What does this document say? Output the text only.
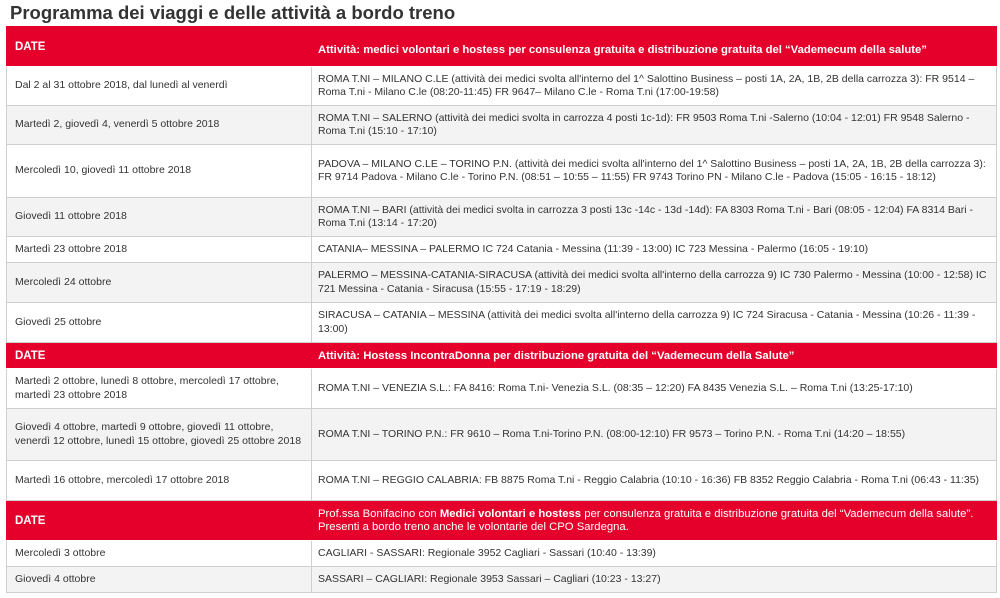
Programma dei viaggi e delle attività a bordo treno
DATE	Attività: medici volontari e hostess per consulenza gratuita e distribuzione gratuita del “Vademecum della salute”
Dal 2 al 31 ottobre 2018, dal lunedì al venerdì	ROMA T.NI – MILANO C.LE (attività dei medici svolta all'interno del 1^ Salottino Business – posti 1A, 2A, 1B, 2B della carrozza 3): FR 9514 – Roma T.ni - Milano C.le (08:20-11:45) FR 9647– Milano C.le - Roma T.ni (17:00-19:58)
Martedì 2, giovedì 4, venerdì 5 ottobre 2018	ROMA T.NI – SALERNO (attività dei medici svolta in carrozza 4 posti 1c-1d): FR 9503 Roma T.ni -Salerno (10:04 - 12:01) FR 9548 Salerno - Roma T.ni (15:10 - 17:10)
Mercoledì 10, giovedì 11 ottobre 2018	PADOVA – MILANO C.LE – TORINO P.N. (attività dei medici svolta all'interno del 1^ Salottino Business – posti 1A, 2A, 1B, 2B della carrozza 3): FR 9714 Padova - Milano C.le - Torino P.N. (08:51 – 10:55 – 11:55) FR 9743 Torino PN - Milano C.le - Padova (15:05 - 16:15 - 18:12)
Giovedì 11 ottobre 2018	ROMA T.NI – BARI (attività dei medici svolta in carrozza 3 posti 13c -14c - 13d -14d): FA 8303 Roma T.ni - Bari (08:05 - 12:04) FA 8314 Bari - Roma T.ni (13:14 - 17:20)
Martedì 23 ottobre 2018	CATANIA– MESSINA – PALERMO IC 724 Catania - Messina (11:39 - 13:00) IC 723 Messina - Palermo (16:05 - 19:10)
Mercoledì 24 ottobre	PALERMO – MESSINA-CATANIA-SIRACUSA (attività dei medici svolta all'interno della carrozza 9) IC 730 Palermo - Messina (10:00 - 12:58) IC 721 Messina - Catania - Siracusa (15:55 - 17:19 - 18:29)
Giovedì 25 ottobre	SIRACUSA – CATANIA – MESSINA (attività dei medici svolta all'interno della carrozza 9) IC 724 Siracusa - Catania - Messina (10:26 - 11:39 - 13:00)
DATE	Attività: Hostess IncontraDonna per distribuzione gratuita del “Vademecum della Salute”
Martedì 2 ottobre, lunedì 8 ottobre, mercoledì 17 ottobre, martedì 23 ottobre 2018	ROMA T.NI – VENEZIA S.L.: FA 8416: Roma T.ni- Venezia S.L. (08:35 – 12:20) FA 8435 Venezia S.L. – Roma T.ni (13:25-17:10)
Giovedì 4 ottobre, martedì 9 ottobre, giovedì 11 ottobre, venerdì 12 ottobre, lunedì 15 ottobre, giovedì 25 ottobre 2018	ROMA T.NI – TORINO P.N.: FR 9610 – Roma T.ni-Torino P.N. (08:00-12:10) FR 9573 – Torino P.N. - Roma T.ni (14:20 – 18:55)
Martedì 16 ottobre, mercoledì 17 ottobre 2018	ROMA T.NI – REGGIO CALABRIA: FB 8875 Roma T.ni - Reggio Calabria (10:10 - 16:36) FB 8352 Reggio Calabria - Roma T.ni (06:43 - 11:35)
DATE	Prof.ssa Bonifacino con Medici volontari e hostess per consulenza gratuita e distribuzione gratuita del “Vademecum della salute”. Presenti a bordo treno anche le volontarie del CPO Sardegna.
Mercoledì 3 ottobre	CAGLIARI - SASSARI: Regionale 3952 Cagliari - Sassari (10:40 - 13:39)
Giovedì 4 ottobre	SASSARI – CAGLIARI: Regionale 3953 Sassari – Cagliari (10:23 - 13:27)
